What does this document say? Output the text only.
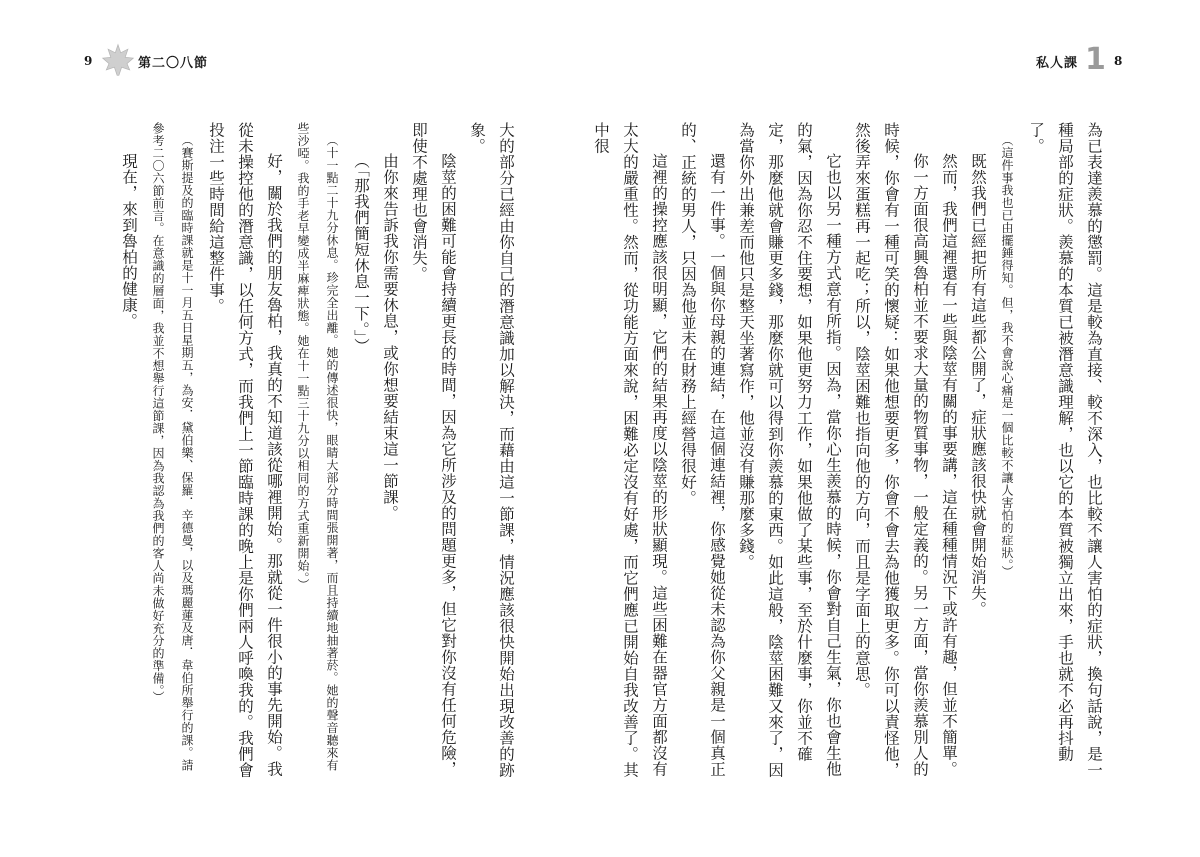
9	第二〇八節	私人課 1 8

為已表達羨慕的懲罰。這是較為直接、較不深入，也比較不讓人害怕的症狀，換句話說，是一種局部的症狀。羨慕的本質已被潛意識理解，也以它的本質被獨立出來，手也就不必再抖動了。

（這件事我也已由擺錘得知。但，我不會說心痛是一個比較不讓人害怕的症狀。）

既然我們已經把所有這些都公開了，症狀應該很快就會開始消失。

然而，我們這裡還有一些與陰莖有關的事要講，這在種種情況下或許有趣，但並不簡單。

你一方面很高興魯柏並不要求大量的物質事物，一般定義的。另一方面，當你羨慕別人的時候，你會有一種可笑的懷疑：如果他想要更多，你會不會去為他獲取更多。你可以責怪他，然後弄來蛋糕再一起吃；所以，陰莖困難也指向他的方向，而且是字面上的意思。

它也以另一種方式意有所指。因為，當你心生羨慕的時候，你會對自己生氣，你也會生他的氣，因為你忍不住要想，如果他更努力工作，如果他做了某些事，至於什麼事，你並不確定，那麼他就會賺更多錢，那麼你就可以得到你羨慕的東西。如此這般，陰莖困難又來了，因為當你外出兼差而他只是整天坐著寫作，他並沒有賺那麼多錢。

還有一件事。一個與你母親的連結，在這個連結裡，你感覺她從未認為你父親是一個真正的、正統的男人，只因為他並未在財務上經營得很好。

這裡的操控應該很明顯，它們的結果再度以陰莖的形狀顯現。這些困難在器官方面都沒有太大的嚴重性。然而，從功能方面來說，困難必定沒有好處，而它們應已開始自我改善了。其中很

大的部分已經由你自己的潛意識加以解決，而藉由這一節課，情況應該很快開始出現改善的跡象。

陰莖的困難可能會持續更長的時間，因為它所涉及的問題更多，但它對你沒有任何危險，即使不處理也會消失。

由你來告訴我你需要休息，或你想要結束這一節課。

（「那我們簡短休息一下。」）

（十一點二十九分休息。珍完全出離。她的傳述很快，眼睛大部分時間張開著，而且持續地抽著菸。她的聲音聽來有些沙啞。我的手老早變成半麻痺狀態。她在十一點三十九分以相同的方式重新開始。）

好，關於我們的朋友魯柏，我真的不知道該從哪裡開始。那就從一件很小的事先開始。我從未操控他的潛意識，以任何方式，而我們上一節臨時課的晚上是你們兩人呼喚我的。我們會投注一些時間給這整件事。

（賽斯提及的臨時課就是十一月五日星期五，為安．黛伯樂、保羅．辛德曼，以及瑪麗蓮及唐．韋伯所舉行的課。請參考二〇六節前言。在意識的層面，我並不想舉行這節課，因為我認為我們的客人尚未做好充分的準備。）

現在，來到魯柏的健康。
